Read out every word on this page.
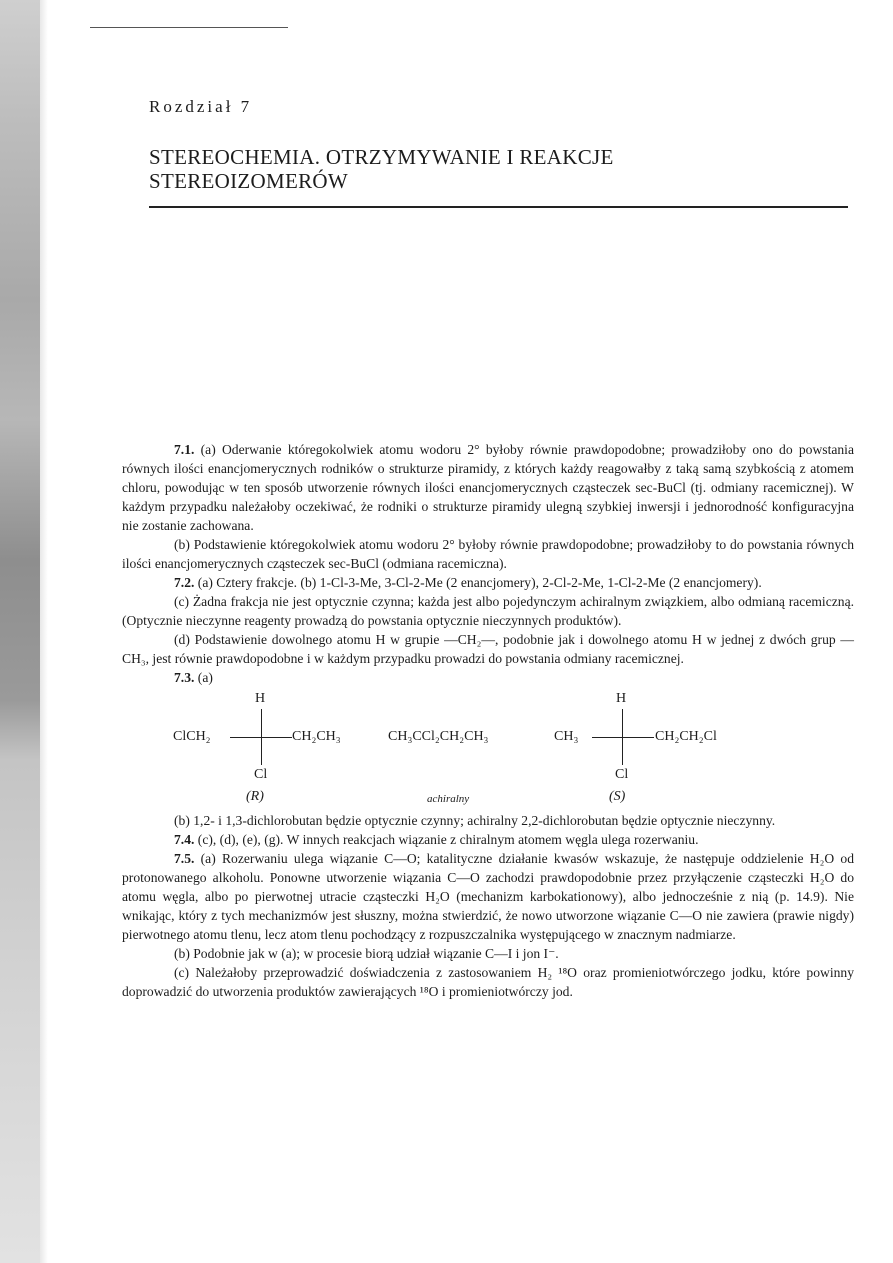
Rozdział 7
STEREOCHEMIA. OTRZYMYWANIE I REAKCJE
STEREOIZOMERÓW

7.1. (a) Oderwanie któregokolwiek atomu wodoru 2° byłoby równie prawdopodobne; prowadziłoby ono do powstania równych ilości enancjomerycznych rodników o strukturze piramidy, z których każdy reagowałby z taką samą szybkością z atomem chloru, powodując w ten sposób utworzenie równych ilości enancjomerycznych cząsteczek sec-BuCl (tj. odmiany racemicznej). W każdym przypadku należałoby oczekiwać, że rodniki o strukturze piramidy ulegną szybkiej inwersji i jednorodność konfiguracyjna nie zostanie zachowana.

(b) Podstawienie któregokolwiek atomu wodoru 2° byłoby równie prawdopodobne; prowadziłoby to do powstania równych ilości enancjomerycznych cząsteczek sec-BuCl (odmiana racemiczna).

7.2. (a) Cztery frakcje. (b) 1-Cl-3-Me, 3-Cl-2-Me (2 enancjomery), 2-Cl-2-Me, 1-Cl-2-Me (2 enancjomery).

(c) Żadna frakcja nie jest optycznie czynna; każda jest albo pojedynczym achiralnym związkiem, albo odmianą racemiczną. (Optycznie nieczynne reagenty prowadzą do powstania optycznie nieczynnych produktów).

(d) Podstawienie dowolnego atomu H w grupie —CH₂—, podobnie jak i dowolnego atomu H w jednej z dwóch grup —CH₃, jest równie prawdopodobne i w każdym przypadku prowadzi do powstania odmiany racemicznej.

7.3. (a)

H
ClCH₂	CH₂CH₃
Cl
(R)
CH₃CCl₂CH₂CH₃
achiralny
H
CH₃	CH₂CH₂Cl
Cl
(S)

(b) 1,2- i 1,3-dichlorobutan będzie optycznie czynny; achiralny 2,2-dichlorobutan będzie optycznie nieczynny.

7.4. (c), (d), (e), (g). W innych reakcjach wiązanie z chiralnym atomem węgla ulega rozerwaniu.

7.5. (a) Rozerwaniu ulega wiązanie C—O; katalityczne działanie kwasów wskazuje, że następuje oddzielenie H₂O od protonowanego alkoholu. Ponowne utworzenie wiązania C—O zachodzi prawdopodobnie przez przyłączenie cząsteczki H₂O do atomu węgla, albo po pierwotnej utracie cząsteczki H₂O (mechanizm karbokationowy), albo jednocześnie z nią (p. 14.9). Nie wnikając, który z tych mechanizmów jest słuszny, można stwierdzić, że nowo utworzone wiązanie C—O nie zawiera (prawie nigdy) pierwotnego atomu tlenu, lecz atom tlenu pochodzący z rozpuszczalnika występującego w znacznym nadmiarze.

(b) Podobnie jak w (a); w procesie biorą udział wiązanie C—I i jon I⁻.

(c) Należałoby przeprowadzić doświadczenia z zastosowaniem H₂ ¹⁸O oraz promieniotwórczego jodku, które powinny doprowadzić do utworzenia produktów zawierających ¹⁸O i promieniotwórczy jod.
